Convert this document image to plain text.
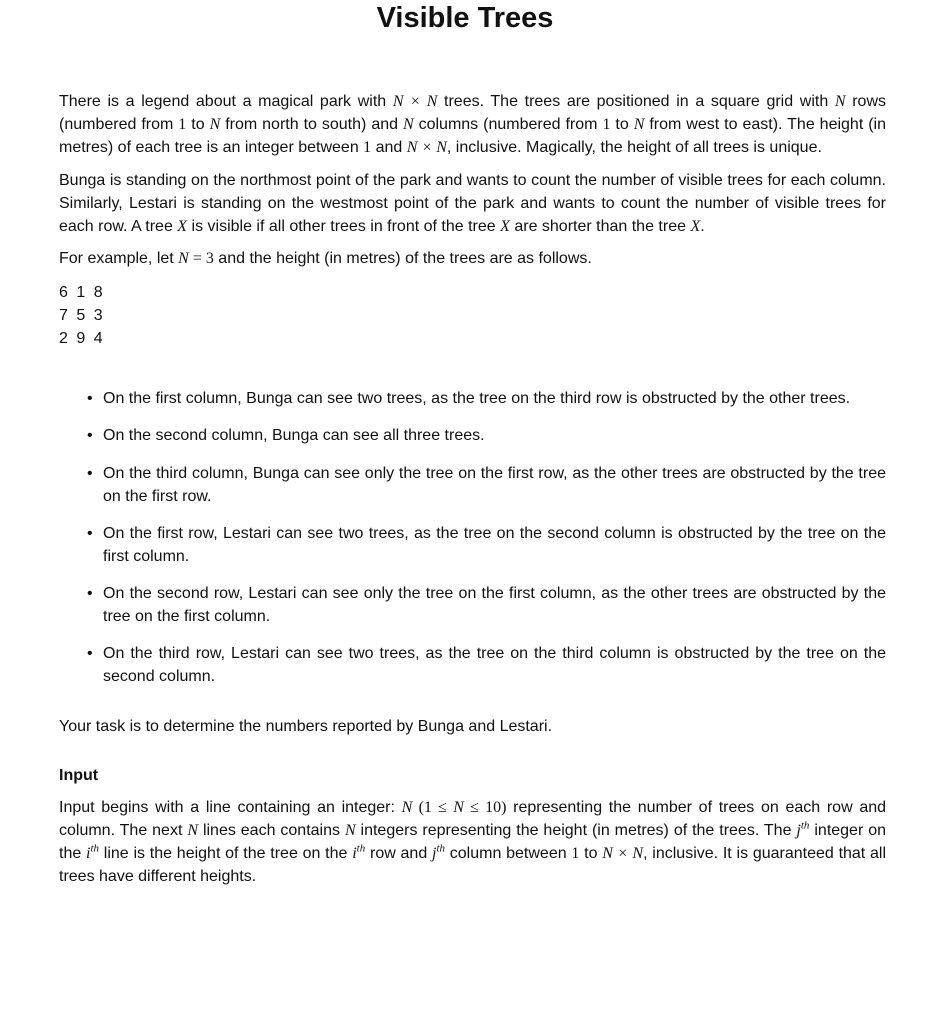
Visible Trees

There is a legend about a magical park with N × N trees. The trees are positioned in a square grid with N rows (numbered from 1 to N from north to south) and N columns (numbered from 1 to N from west to east). The height (in metres) of each tree is an integer between 1 and N × N, inclusive. Magically, the height of all trees is unique.

Bunga is standing on the northmost point of the park and wants to count the number of visible trees for each column. Similarly, Lestari is standing on the westmost point of the park and wants to count the number of visible trees for each row. A tree X is visible if all other trees in front of the tree X are shorter than the tree X.

For example, let N = 3 and the height (in metres) of the trees are as follows.

6 1 8
7 5 3
2 9 4
• On the first column, Bunga can see two trees, as the tree on the third row is obstructed by the other trees.
• On the second column, Bunga can see all three trees.
• On the third column, Bunga can see only the tree on the first row, as the other trees are obstructed by the tree on the first row.
• On the first row, Lestari can see two trees, as the tree on the second column is obstructed by the tree on the first column.
• On the second row, Lestari can see only the tree on the first column, as the other trees are obstructed by the tree on the first column.
• On the third row, Lestari can see two trees, as the tree on the third column is obstructed by the tree on the second column.

Your task is to determine the numbers reported by Bunga and Lestari.

Input

Input begins with a line containing an integer: N (1 ≤ N ≤ 10) representing the number of trees on each row and column. The next N lines each contains N integers representing the height (in metres) of the trees. The $j^{th}$ integer on the $i^{th}$ line is the height of the tree on the $i^{th}$ row and $j^{th}$ column between 1 to N × N, inclusive. It is guaranteed that all trees have different heights.
